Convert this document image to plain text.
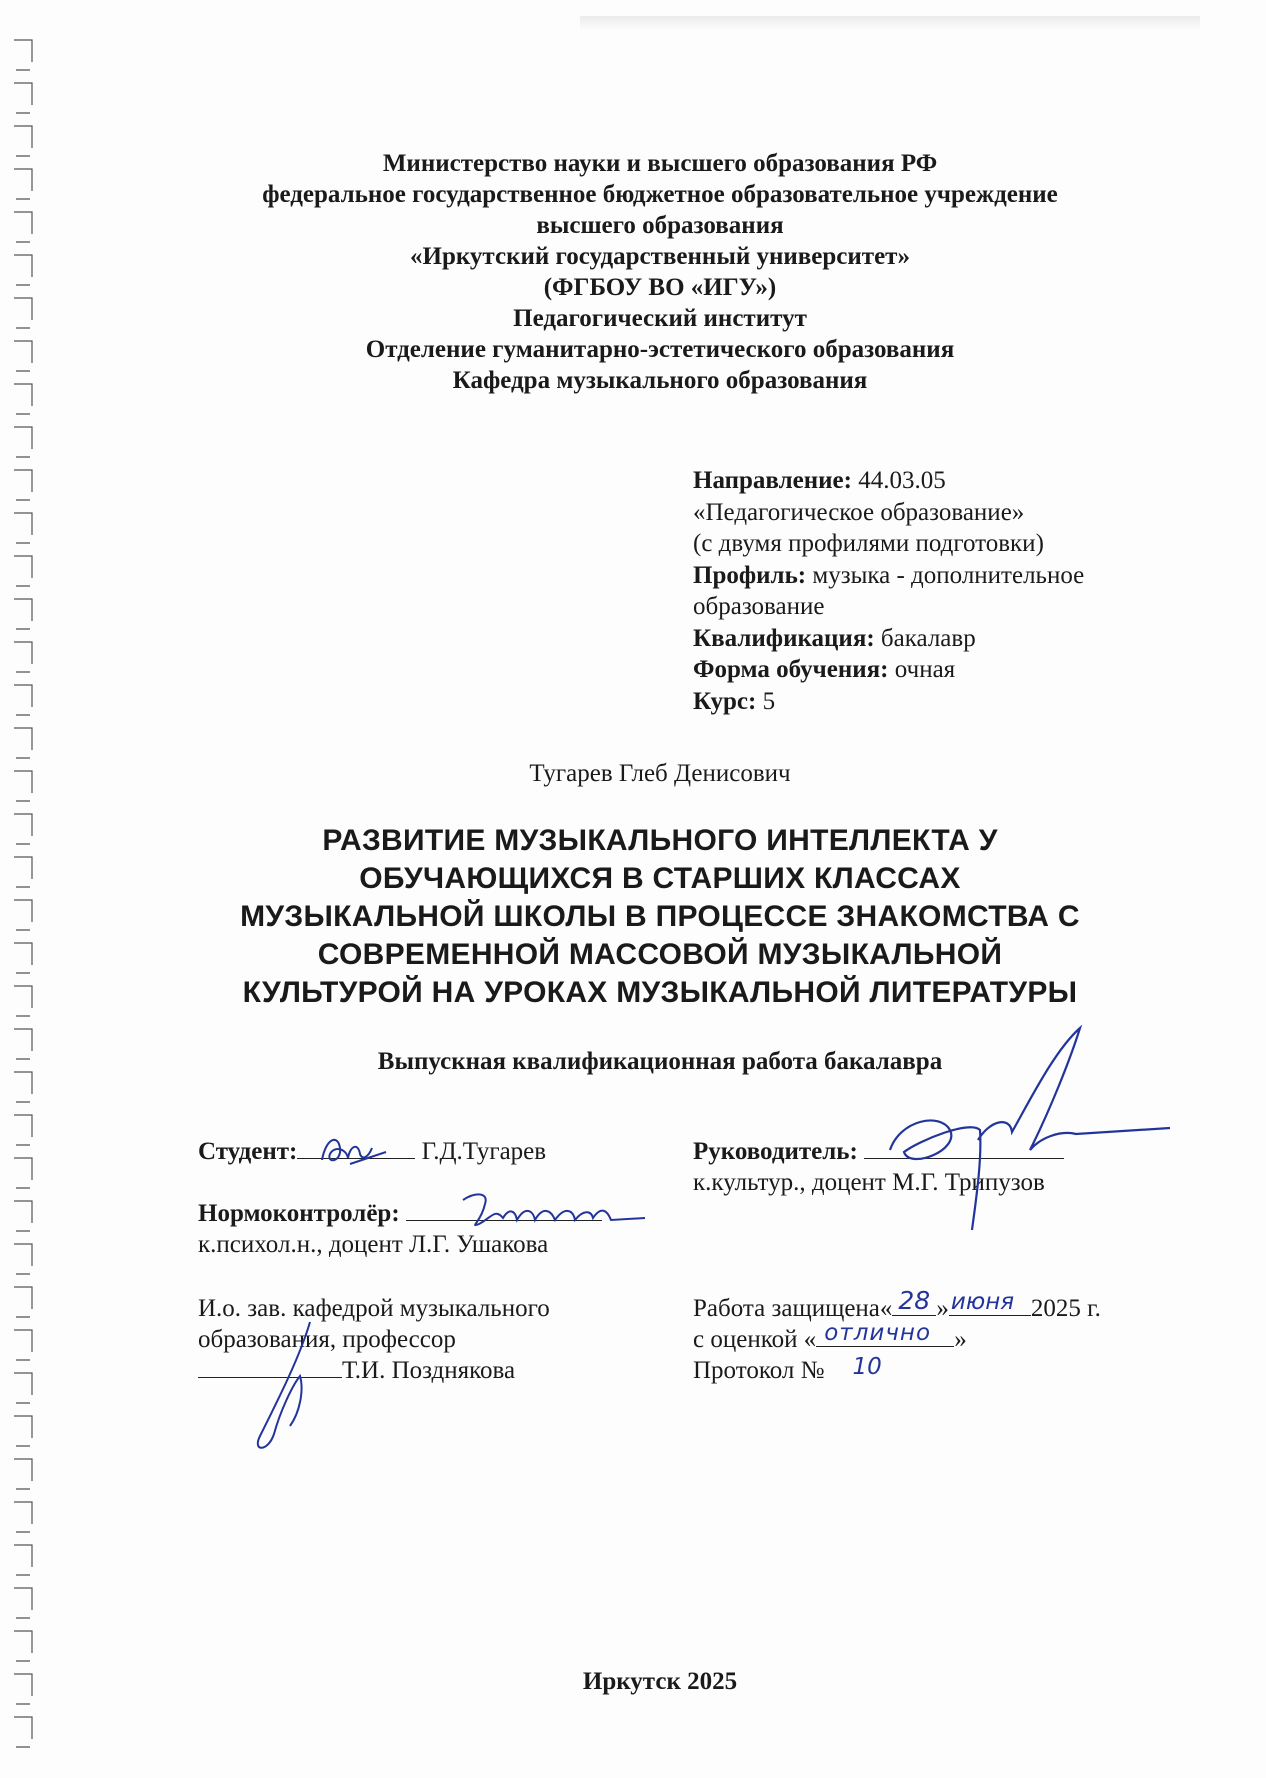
Министерство науки и высшего образования РФ
федеральное государственное бюджетное образовательное учреждение
высшего образования
«Иркутский государственный университет»
(ФГБОУ ВО «ИГУ»)
Педагогический институт
Отделение гуманитарно-эстетического образования
Кафедра музыкального образования
Направление: 44.03.05
«Педагогическое образование»
(с двумя профилями подготовки)
Профиль: музыка - дополнительное
образование
Квалификация: бакалавр
Форма обучения: очная
Курс: 5
Тугарев Глеб Денисович
РАЗВИТИЕ МУЗЫКАЛЬНОГО ИНТЕЛЛЕКТА У
ОБУЧАЮЩИХСЯ В СТАРШИХ КЛАССАХ
МУЗЫКАЛЬНОЙ ШКОЛЫ В ПРОЦЕССЕ ЗНАКОМСТВА С
СОВРЕМЕННОЙ МАССОВОЙ МУЗЫКАЛЬНОЙ
КУЛЬТУРОЙ НА УРОКАХ МУЗЫКАЛЬНОЙ ЛИТЕРАТУРЫ
Выпускная квалификационная работа бакалавра
Студент:	Г.Д.Тугарев	Руководитель:
к.культур., доцент М.Г. Трипузов
Нормоконтролёр:
к.психол.н., доцент Л.Г. Ушакова
И.о. зав. кафедрой музыкального
образования, профессор
Т.И. Позднякова
Работа защищена« 28 » июня 2025 г.
с оценкой « отлично »
Протокол № 10
Иркутск 2025
